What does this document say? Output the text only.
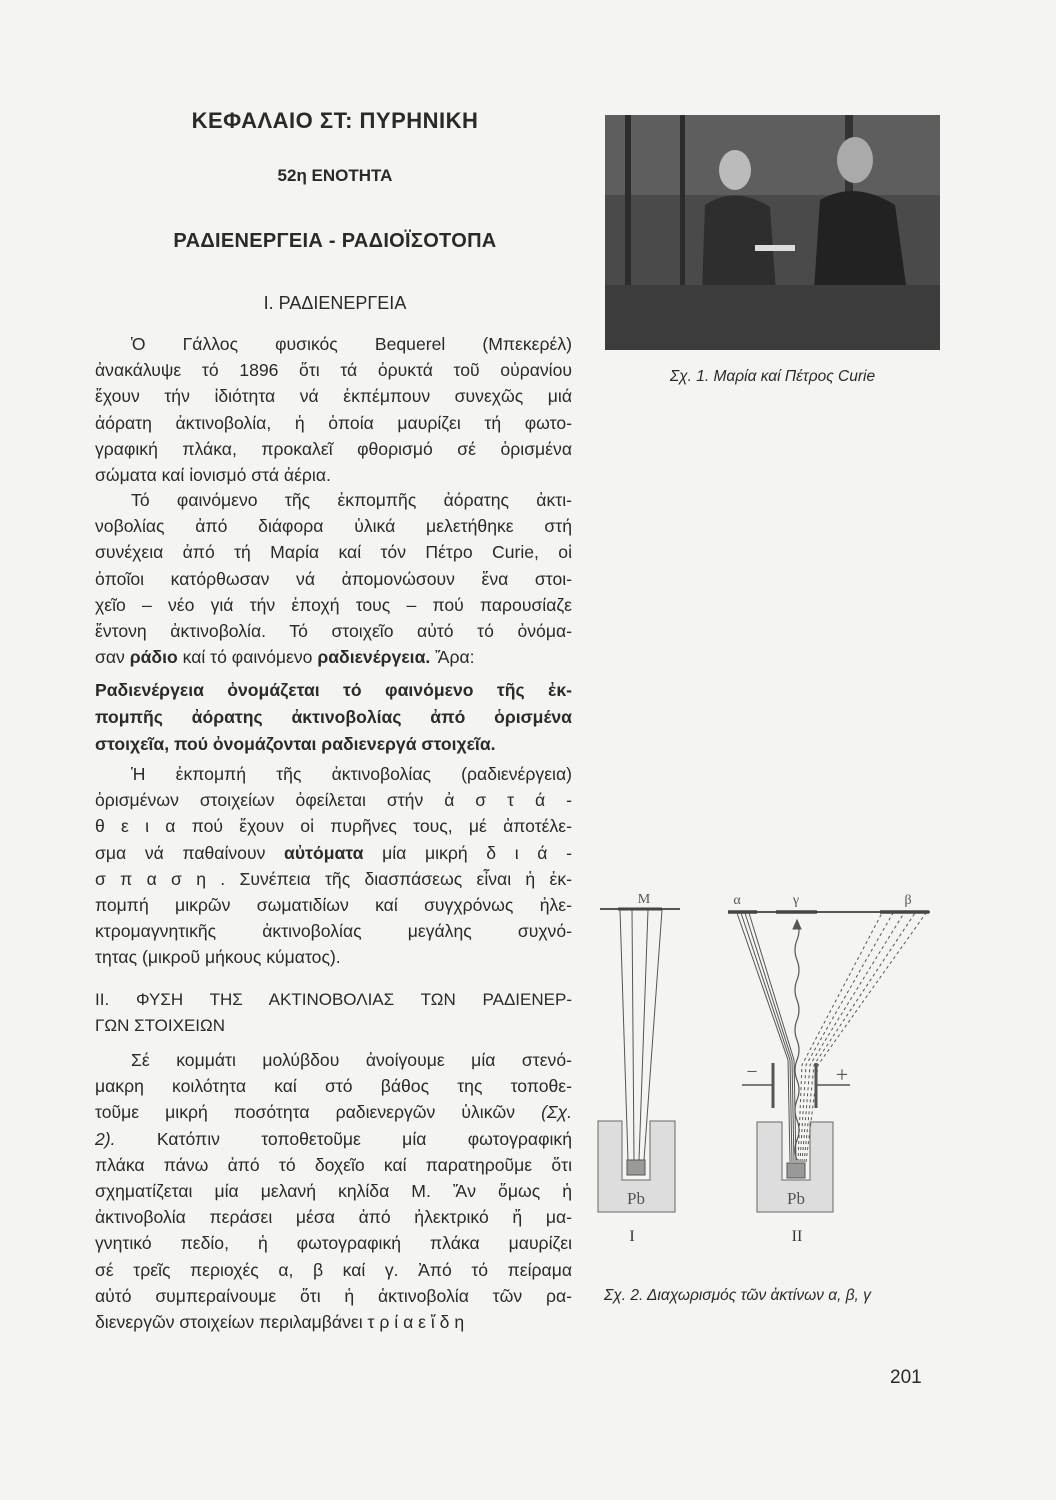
ΚΕΦΑΛΑΙΟ ΣΤ: ΠΥΡΗΝΙΚΗ
52η ΕΝΟΤΗΤΑ
ΡΑΔΙΕΝΕΡΓΕΙΑ - ΡΑΔΙΟΪΣΟΤΟΠΑ
I. ΡΑΔΙΕΝΕΡΓΕΙΑ
Ὁ Γάλλος φυσικός Bequerel (Μπεκερέλ)
ἀνακάλυψε τό 1896 ὅτι τά ὀρυκτά τοῦ οὐρανίου
ἔχουν τήν ἰδιότητα νά ἐκπέμπουν συνεχῶς μιά
ἀόρατη ἀκτινοβολία, ἡ ὁποία μαυρίζει τή φωτο-
γραφική πλάκα, προκαλεῖ φθορισμό σέ ὁρισμένα
σώματα καί ἰονισμό στά ἀέρια.
Τό φαινόμενο τῆς ἐκπομπῆς ἀόρατης ἀκτι-
νοβολίας ἀπό διάφορα ὑλικά μελετήθηκε στή
συνέχεια ἀπό τή Μαρία καί τόν Πέτρο Curie, οἱ
ὁποῖοι κατόρθωσαν νά ἀπομονώσουν ἕνα στοι-
χεῖο – νέο γιά τήν ἐποχή τους – πού παρουσίαζε
ἔντονη ἀκτινοβολία. Τό στοιχεῖο αὐτό τό ὀνόμα-
σαν ράδιο καί τό φαινόμενο ραδιενέργεια. Ἄρα:
Ραδιενέργεια ὀνομάζεται τό φαινόμενο τῆς ἐκ-
πομπῆς ἀόρατης ἀκτινοβολίας ἀπό ὁρισμένα
στοιχεῖα, πού ὀνομάζονται ραδιενεργά στοιχεῖα.
Ἡ ἐκπομπή τῆς ἀκτινοβολίας (ραδιενέργεια)
ὁρισμένων στοιχείων ὀφείλεται στήν ἀ σ τ ά -
θ ε ι α πού ἔχουν οἱ πυρῆνες τους, μέ ἀποτέλε-
σμα νά παθαίνουν αὐτόματα μία μικρή δ ι ά -
σ π α σ η . Συνέπεια τῆς διασπάσεως εἶναι ἡ ἐκ-
πομπή μικρῶν σωματιδίων καί συγχρόνως ἠλε-
κτρομαγνητικῆς ἀκτινοβολίας μεγάλης συχνό-
τητας (μικροῦ μήκους κύματος).
II. ΦΥΣΗ ΤΗΣ ΑΚΤΙΝΟΒΟΛΙΑΣ ΤΩΝ ΡΑΔΙΕΝΕΡ-
ΓΩΝ ΣΤΟΙΧΕΙΩΝ
Σέ κομμάτι μολύβδου ἀνοίγουμε μία στενό-
μακρη κοιλότητα καί στό βάθος της τοποθε-
τοῦμε μικρή ποσότητα ραδιενεργῶν ὑλικῶν (Σχ.
2). Κατόπιν τοποθετοῦμε μία φωτογραφική
πλάκα πάνω ἀπό τό δοχεῖο καί παρατηροῦμε ὅτι
σχηματίζεται μία μελανή κηλίδα Μ. Ἄν ὅμως ἡ
ἀκτινοβολία περάσει μέσα ἀπό ἠλεκτρικό ἤ μα-
γνητικό πεδίο, ἡ φωτογραφική πλάκα μαυρίζει
σέ τρεῖς περιοχές α, β καί γ. Ἀπό τό πείραμα
αὐτό συμπεραίνουμε ὅτι ἡ ἀκτινοβολία τῶν ρα-
διενεργῶν στοιχείων περιλαμβάνει τ ρ ί α ε ἴ δ η
Σχ. 1. Μαρία καί Πέτρος Curie
M	α	γ	β
−	+
Pb	Pb
I	II
Σχ. 2. Διαχωρισμός τῶν ἀκτίνων α, β, γ
201
